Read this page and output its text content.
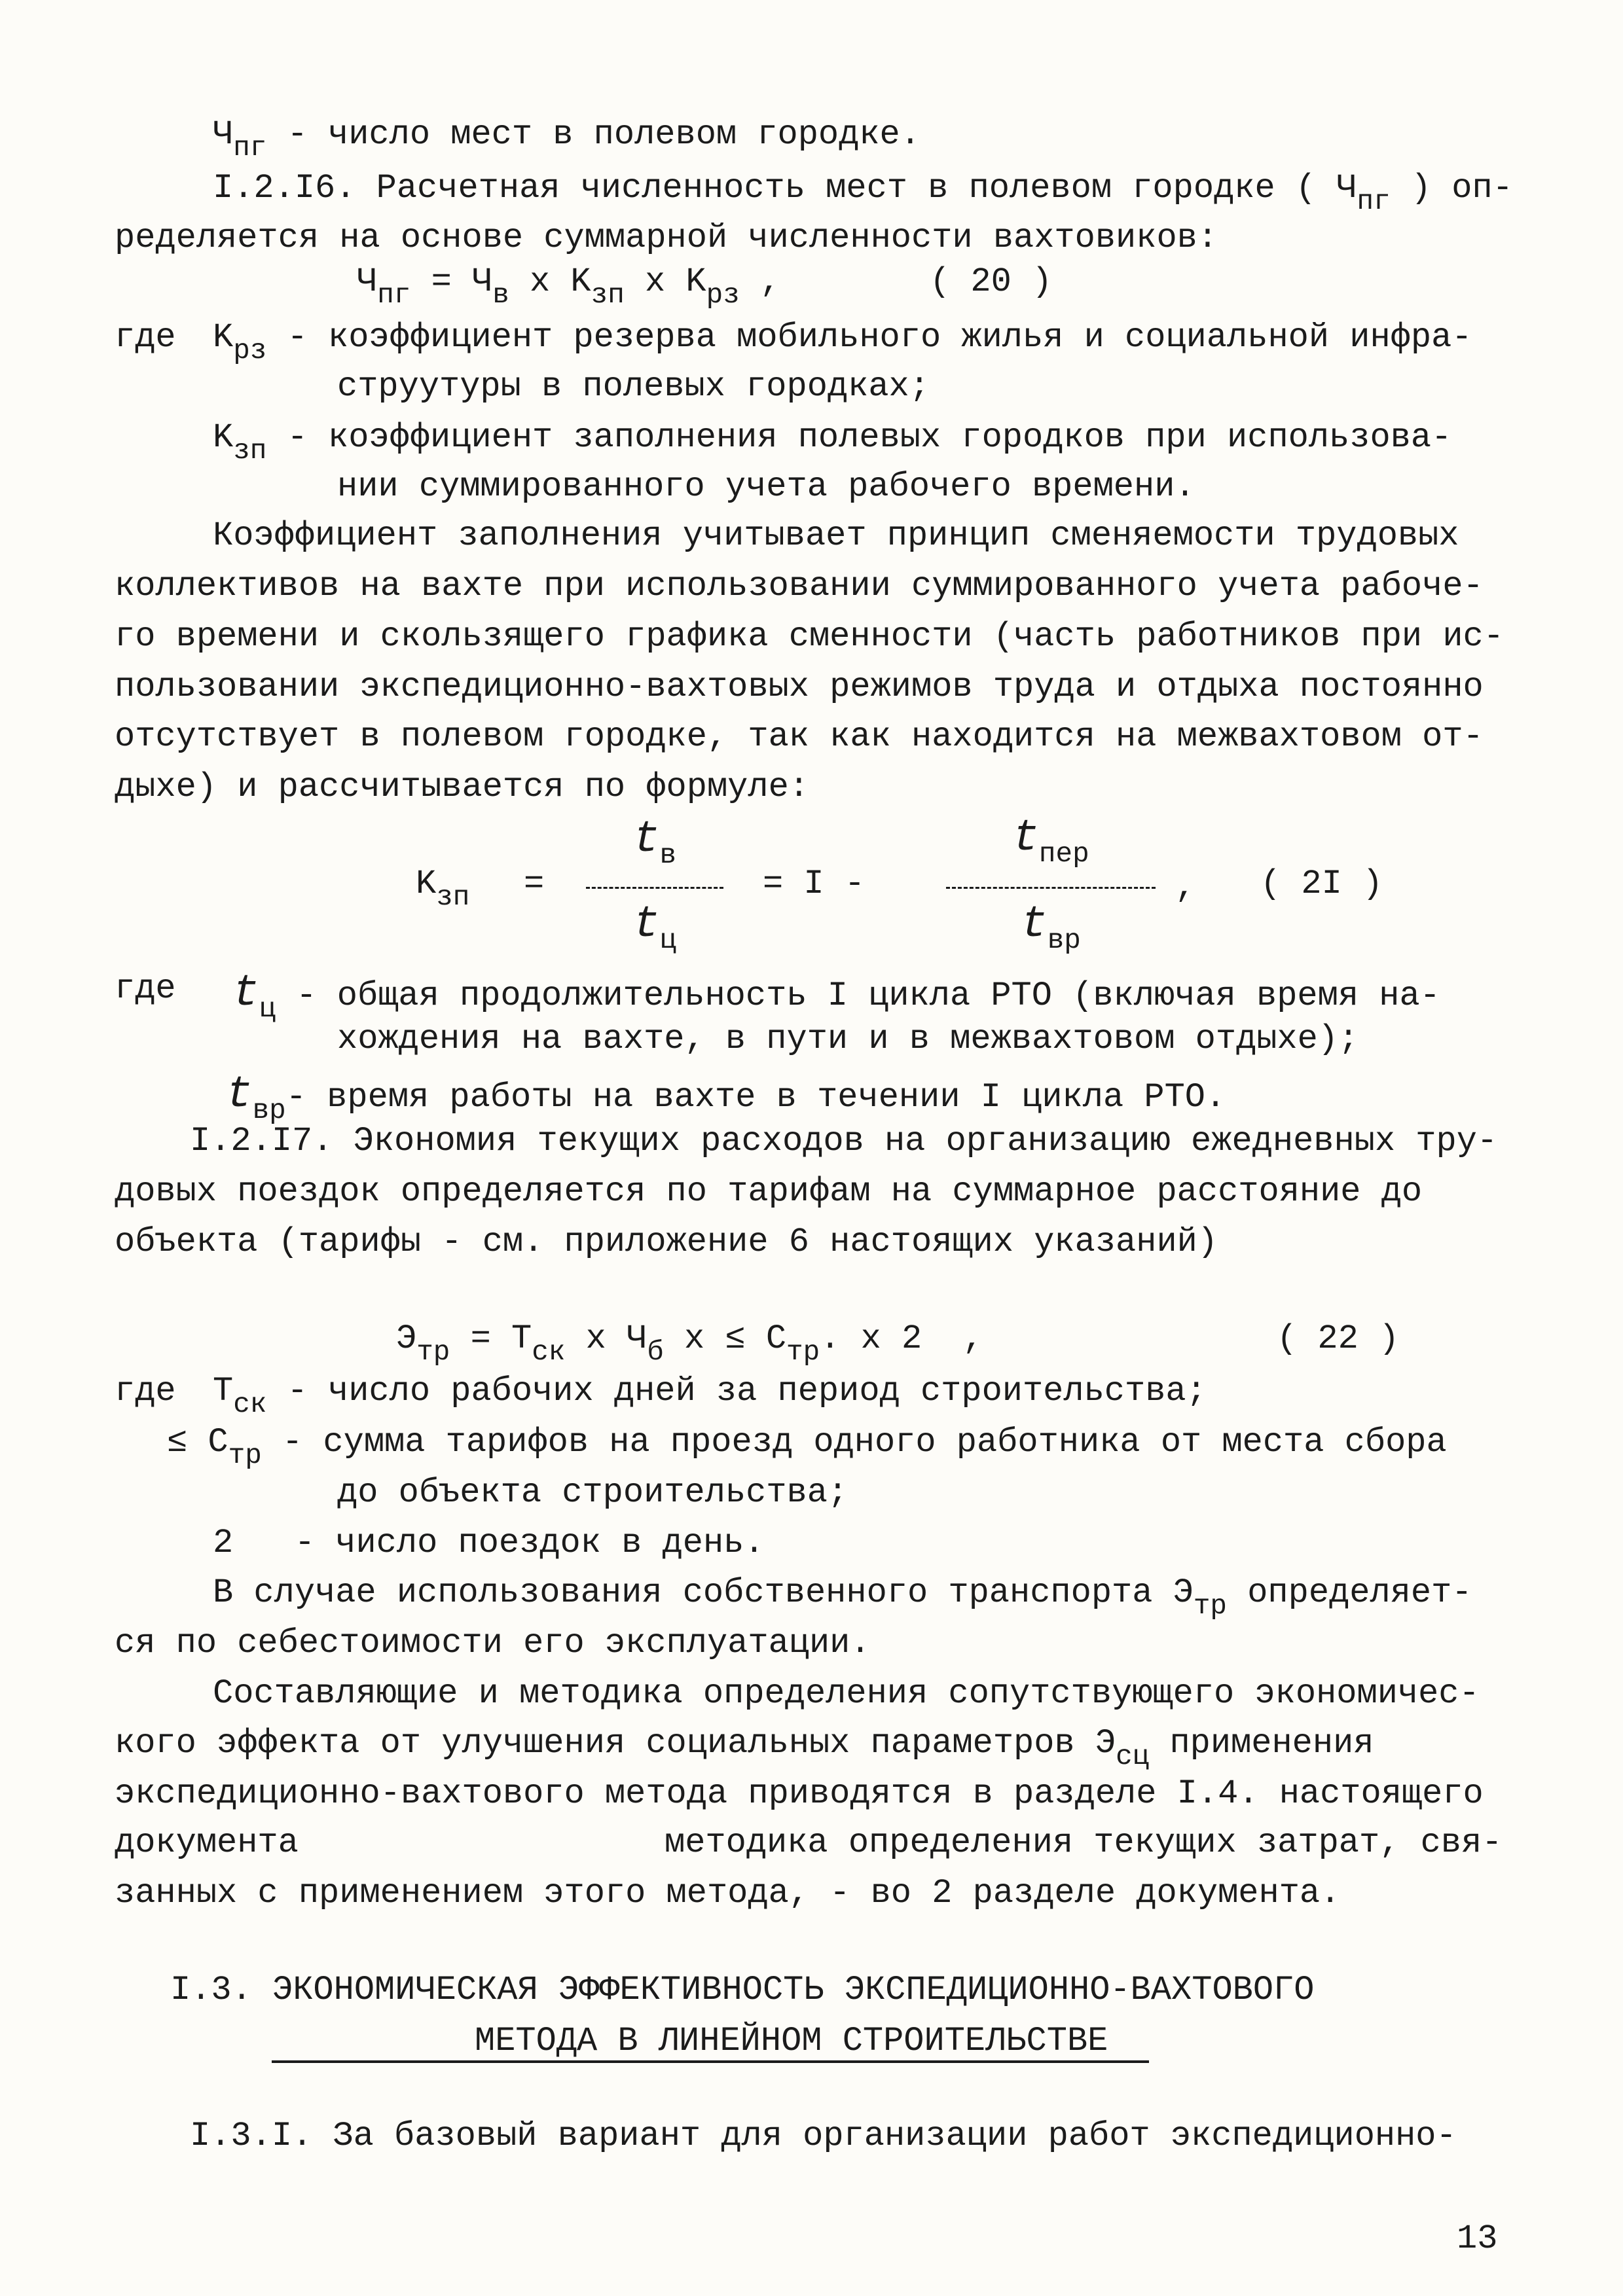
$Ч_{пг}$ - число мест в полевом городке.
I.2.I6. Расчетная численность мест в полевом городке ( $Ч_{пг}$ ) оп-
ределяется на основе суммарной численности вахтовиков:
$Ч_{пг} = Ч_в$ x $K_{зп}$ x $K_{рз}$ ,	( 20 )
где $K_{рз}$ - коэффициент резерва мобильного жилья и социальной инфра-
струутуры в полевых городках;
$K_{зп}$ - коэффициент заполнения полевых городков при использова-
нии суммированного учета рабочего времени.
Коэффициент заполнения учитывает принцип сменяемости трудовых
коллективов на вахте при использовании суммированного учета рабоче-
го времени и скользящего графика сменности (часть работников при ис-
пользовании экспедиционно-вахтовых режимов труда и отдыха постоянно
отсутствует в полевом городке, так как находится на межвахтовом от-
дыхе) и рассчитывается по формуле:
$K_{зп}$ =
$t_в$
$t_ц$
= I -
$t_{пер}$
$t_{вр}$
, ( 2I )
где $t_ц$ - общая продолжительность I цикла РТО (включая время на-
хождения на вахте, в пути и в межвахтовом отдыхе);
$t_{вр}-$ время работы на вахте в течении I цикла РТО.
I.2.I7. Экономия текущих расходов на организацию ежедневных тру-
довых поездок определяется по тарифам на суммарное расстояние до
объекта (тарифы - см. приложение 6 настоящих указаний)
$Э_{тр} = T_{ск}$ x $Ч_б$ $x \le C_{тр}$. x 2  ,	( 22 )
где $T_{ск}$ - число рабочих дней за период строительства;
≤ $C_{тр}$ - сумма тарифов на проезд одного работника от места сбора
до объекта строительства;
2 - число поездок в день.
В случае использования собственного транспорта $Э_{тр}$ определяет-
ся по себестоимости его эксплуатации.
Составляющие и методика определения сопутствующего экономичес-
кого эффекта от улучшения социальных параметров $Э_{сц}$ применения
экспедиционно-вахтового метода приводятся в разделе I.4. настоящего
документа	методика определения текущих затрат, свя-
занных с применением этого метода, - во 2 разделе документа.
I.3. ЭКОНОМИЧЕСКАЯ ЭФФЕКТИВНОСТЬ ЭКСПЕДИЦИОННО-ВАХТОВОГО
МЕТОДА В ЛИНЕЙНОМ СТРОИТЕЛЬСТВЕ
I.3.I. За базовый вариант для организации работ экспедиционно-
13
